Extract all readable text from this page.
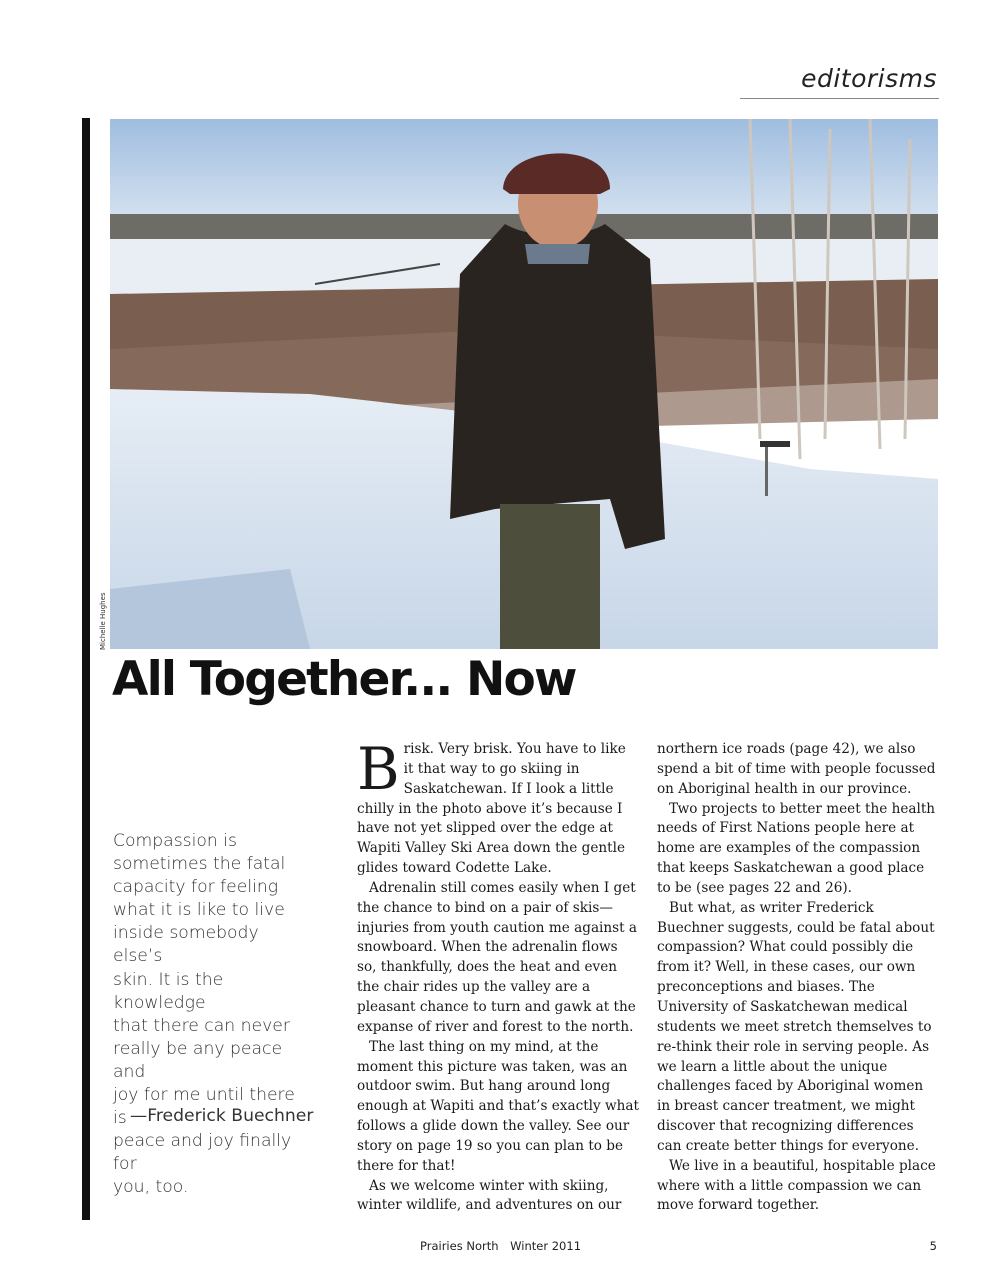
editorisms
Michelle Hughes
All Together... Now
Compassion is
sometimes the fatal
capacity for feeling
what it is like to live
inside somebody else’s
skin. It is the knowledge
that there can never
really be any peace and
joy for me until there is
peace and joy finally for
you, too.
—Frederick Buechner

Brisk. Very brisk. You have to like it that way to go skiing in Saskatchewan. If I look a little chilly in the photo above it’s because I have not yet slipped over the edge at Wapiti Valley Ski Area down the gentle glides toward Codette Lake.

Adrenalin still comes easily when I get the chance to bind on a pair of skis—injuries from youth caution me against a snowboard. When the adrenalin flows so, thankfully, does the heat and even the chair rides up the valley are a pleasant chance to turn and gawk at the expanse of river and forest to the north.

The last thing on my mind, at the moment this picture was taken, was an outdoor swim. But hang around long enough at Wapiti and that’s exactly what follows a glide down the valley. See our story on page 19 so you can plan to be there for that!

As we welcome winter with skiing, winter wildlife, and adventures on our

northern ice roads (page 42), we also spend a bit of time with people focussed on Aboriginal health in our province.

Two projects to better meet the health needs of First Nations people here at home are examples of the compassion that keeps Saskatchewan a good place to be (see pages 22 and 26).

But what, as writer Frederick Buechner suggests, could be fatal about compassion? What could possibly die from it? Well, in these cases, our own preconceptions and biases. The University of Saskatchewan medical students we meet stretch themselves to re-think their role in serving people. As we learn a little about the unique challenges faced by Aboriginal women in breast cancer treatment, we might discover that recognizing differences can create better things for everyone.

We live in a beautiful, hospitable place where with a little compassion we can move forward together.

Prairies North Winter 2011	5
